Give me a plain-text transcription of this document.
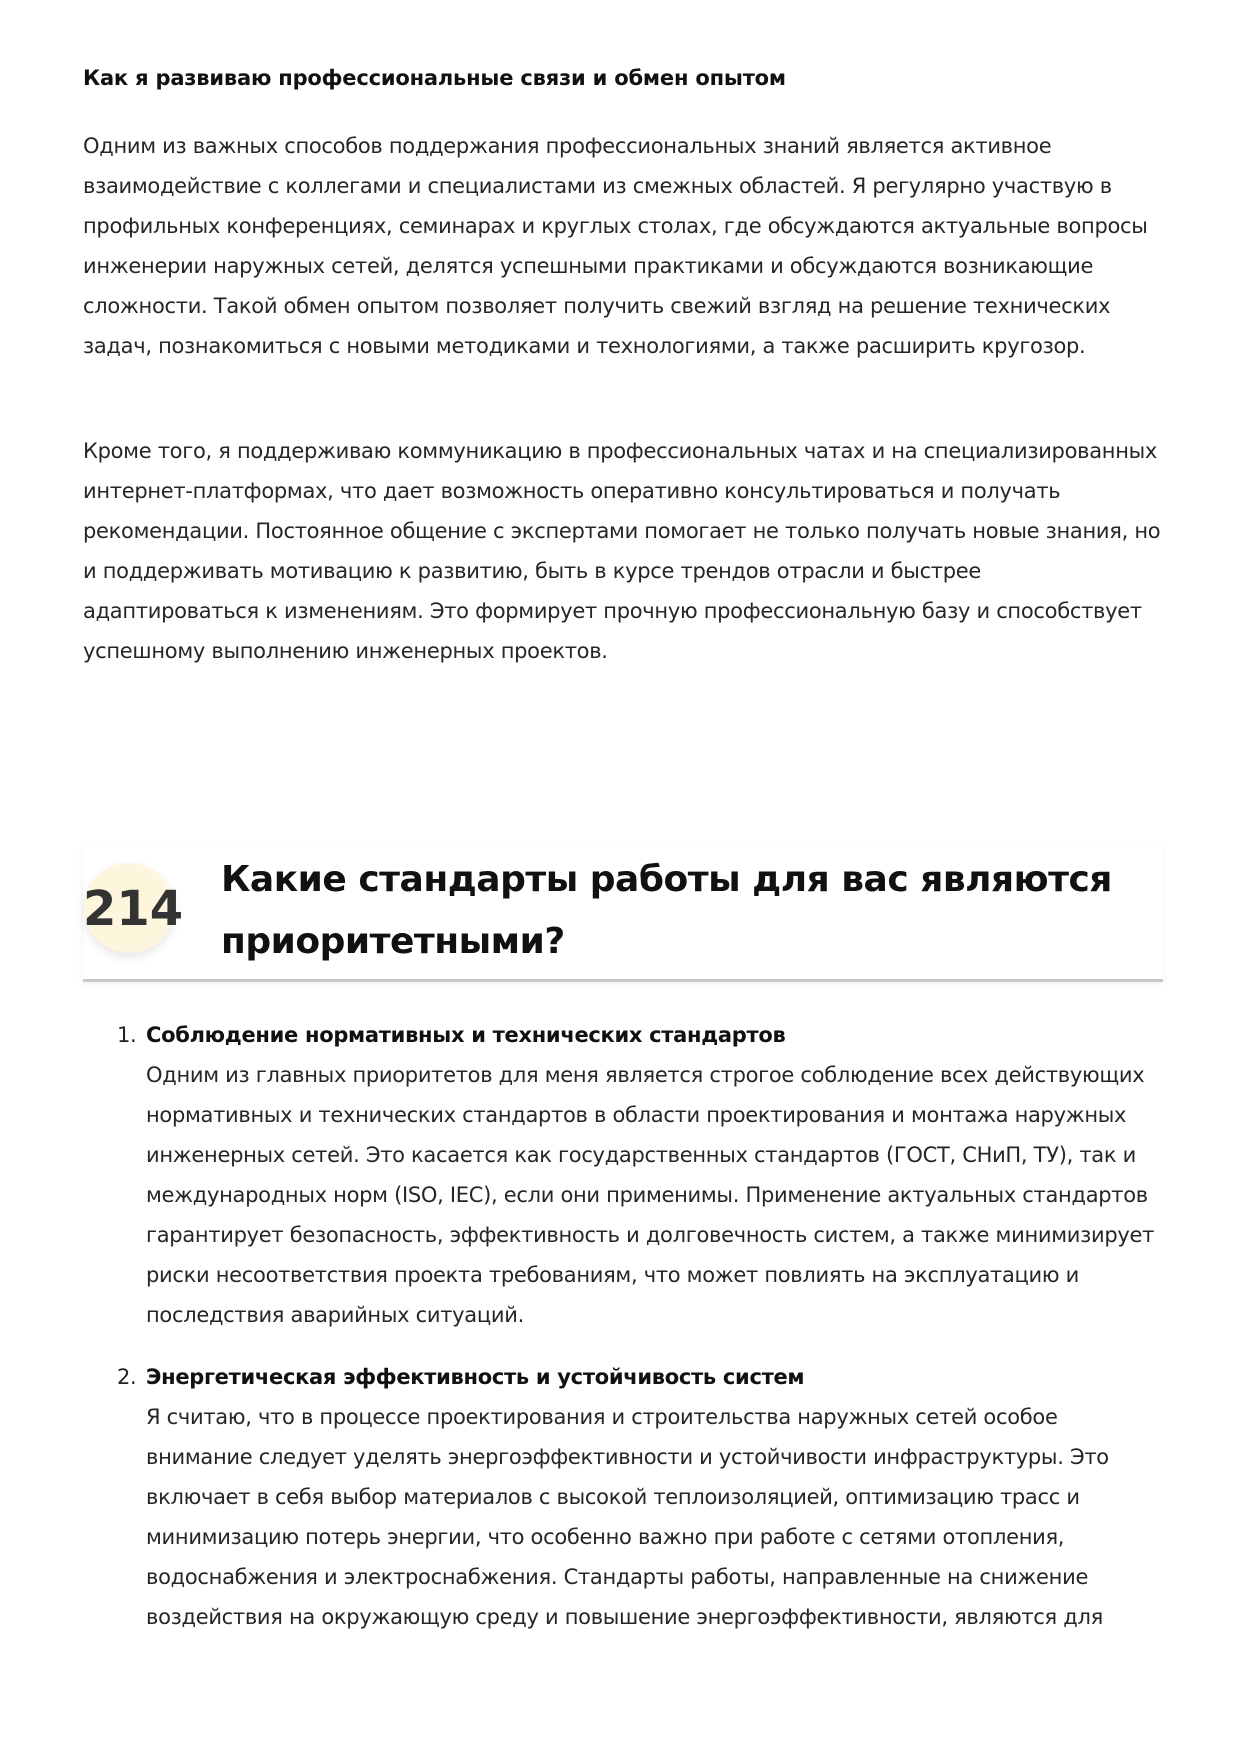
Как я развиваю профессиональные связи и обмен опытом

Одним из важных способов поддержания профессиональных знаний является активное взаимодействие с коллегами и специалистами из смежных областей. Я регулярно участвую в профильных конференциях, семинарах и круглых столах, где обсуждаются актуальные вопросы инженерии наружных сетей, делятся успешными практиками и обсуждаются возникающие сложности. Такой обмен опытом позволяет получить свежий взгляд на решение технических задач, познакомиться с новыми методиками и технологиями, а также расширить кругозор.

Кроме того, я поддерживаю коммуникацию в профессиональных чатах и на специализированных интернет-платформах, что дает возможность оперативно консультироваться и получать рекомендации. Постоянное общение с экспертами помогает не только получать новые знания, но и поддерживать мотивацию к развитию, быть в курсе трендов отрасли и быстрее адаптироваться к изменениям. Это формирует прочную профессиональную базу и способствует успешному выполнению инженерных проектов.

214
Какие стандарты работы для вас являются приоритетными?
1. Соблюдение нормативных и технических стандартов
Одним из главных приоритетов для меня является строгое соблюдение всех действующих нормативных и технических стандартов в области проектирования и монтажа наружных инженерных сетей. Это касается как государственных стандартов (ГОСТ, СНиП, ТУ), так и международных норм (ISO, IEC), если они применимы. Применение актуальных стандартов гарантирует безопасность, эффективность и долговечность систем, а также минимизирует риски несоответствия проекта требованиям, что может повлиять на эксплуатацию и последствия аварийных ситуаций.
2. Энергетическая эффективность и устойчивость систем
Я считаю, что в процессе проектирования и строительства наружных сетей особое внимание следует уделять энергоэффективности и устойчивости инфраструктуры. Это включает в себя выбор материалов с высокой теплоизоляцией, оптимизацию трасс и минимизацию потерь энергии, что особенно важно при работе с сетями отопления, водоснабжения и электроснабжения. Стандарты работы, направленные на снижение воздействия на окружающую среду и повышение энергоэффективности, являются для
